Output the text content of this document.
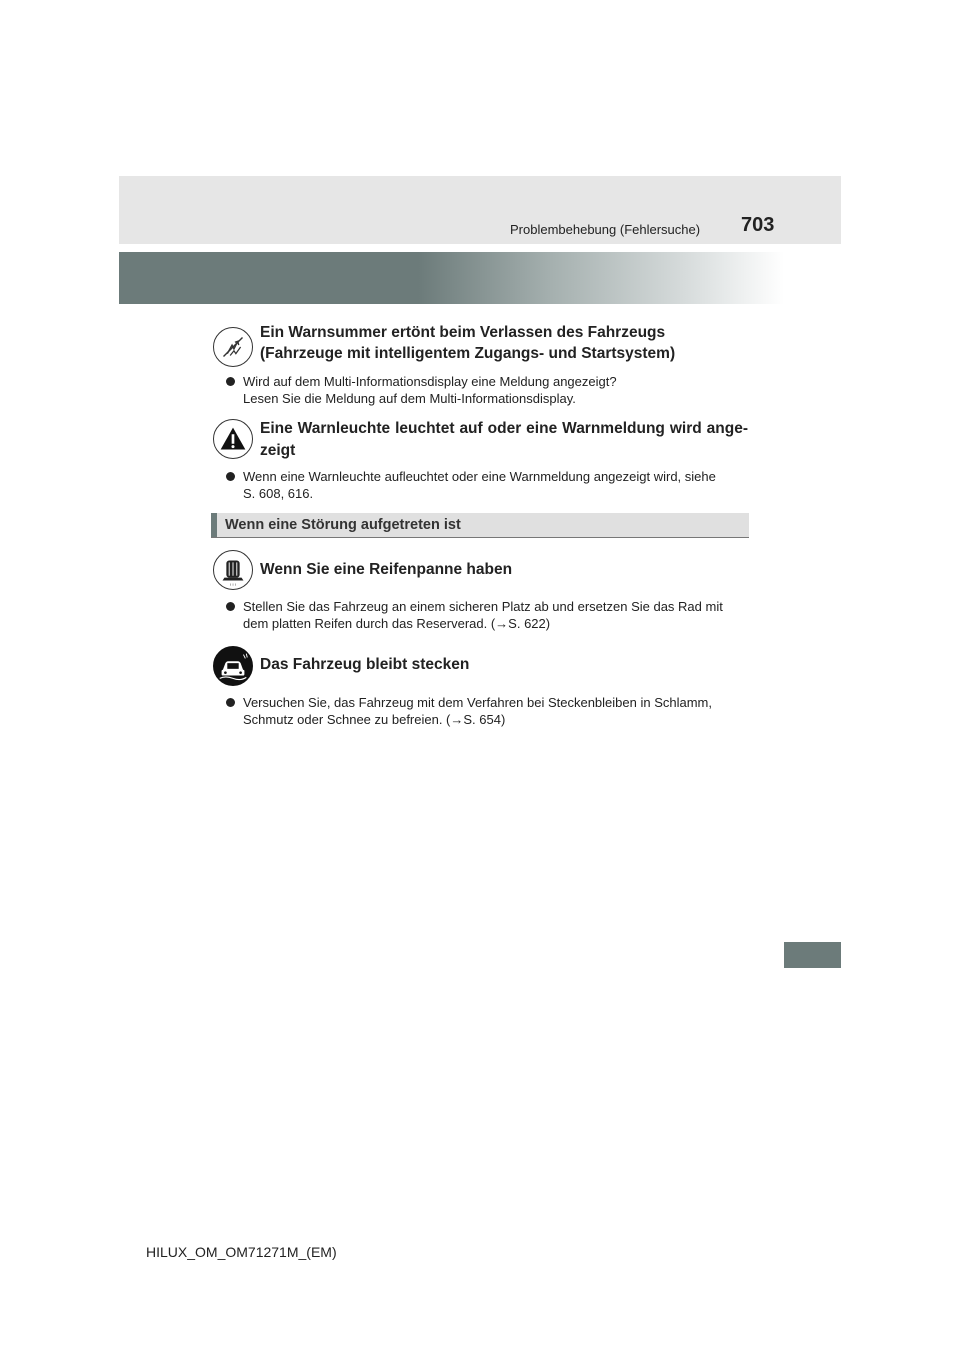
Problembehebung (Fehlersuche) 703
Ein Warnsummer ertönt beim Verlassen des Fahrzeugs
(Fahrzeuge mit intelligentem Zugangs- und Startsystem)
Wird auf dem Multi-Informationsdisplay eine Meldung angezeigt?
Lesen Sie die Meldung auf dem Multi-Informationsdisplay.
Eine Warnleuchte leuchtet auf oder eine Warnmeldung wird ange-
zeigt
Wenn eine Warnleuchte aufleuchtet oder eine Warnmeldung angezeigt wird, siehe
S. 608, 616.
Wenn eine Störung aufgetreten ist
! ! !
Wenn Sie eine Reifenpanne haben
Stellen Sie das Fahrzeug an einem sicheren Platz ab und ersetzen Sie das Rad mit
dem platten Reifen durch das Reserverad. (→S. 622)
Das Fahrzeug bleibt stecken
Versuchen Sie, das Fahrzeug mit dem Verfahren bei Steckenbleiben in Schlamm,
Schmutz oder Schnee zu befreien. (→S. 654)
HILUX_OM_OM71271M_(EM)
